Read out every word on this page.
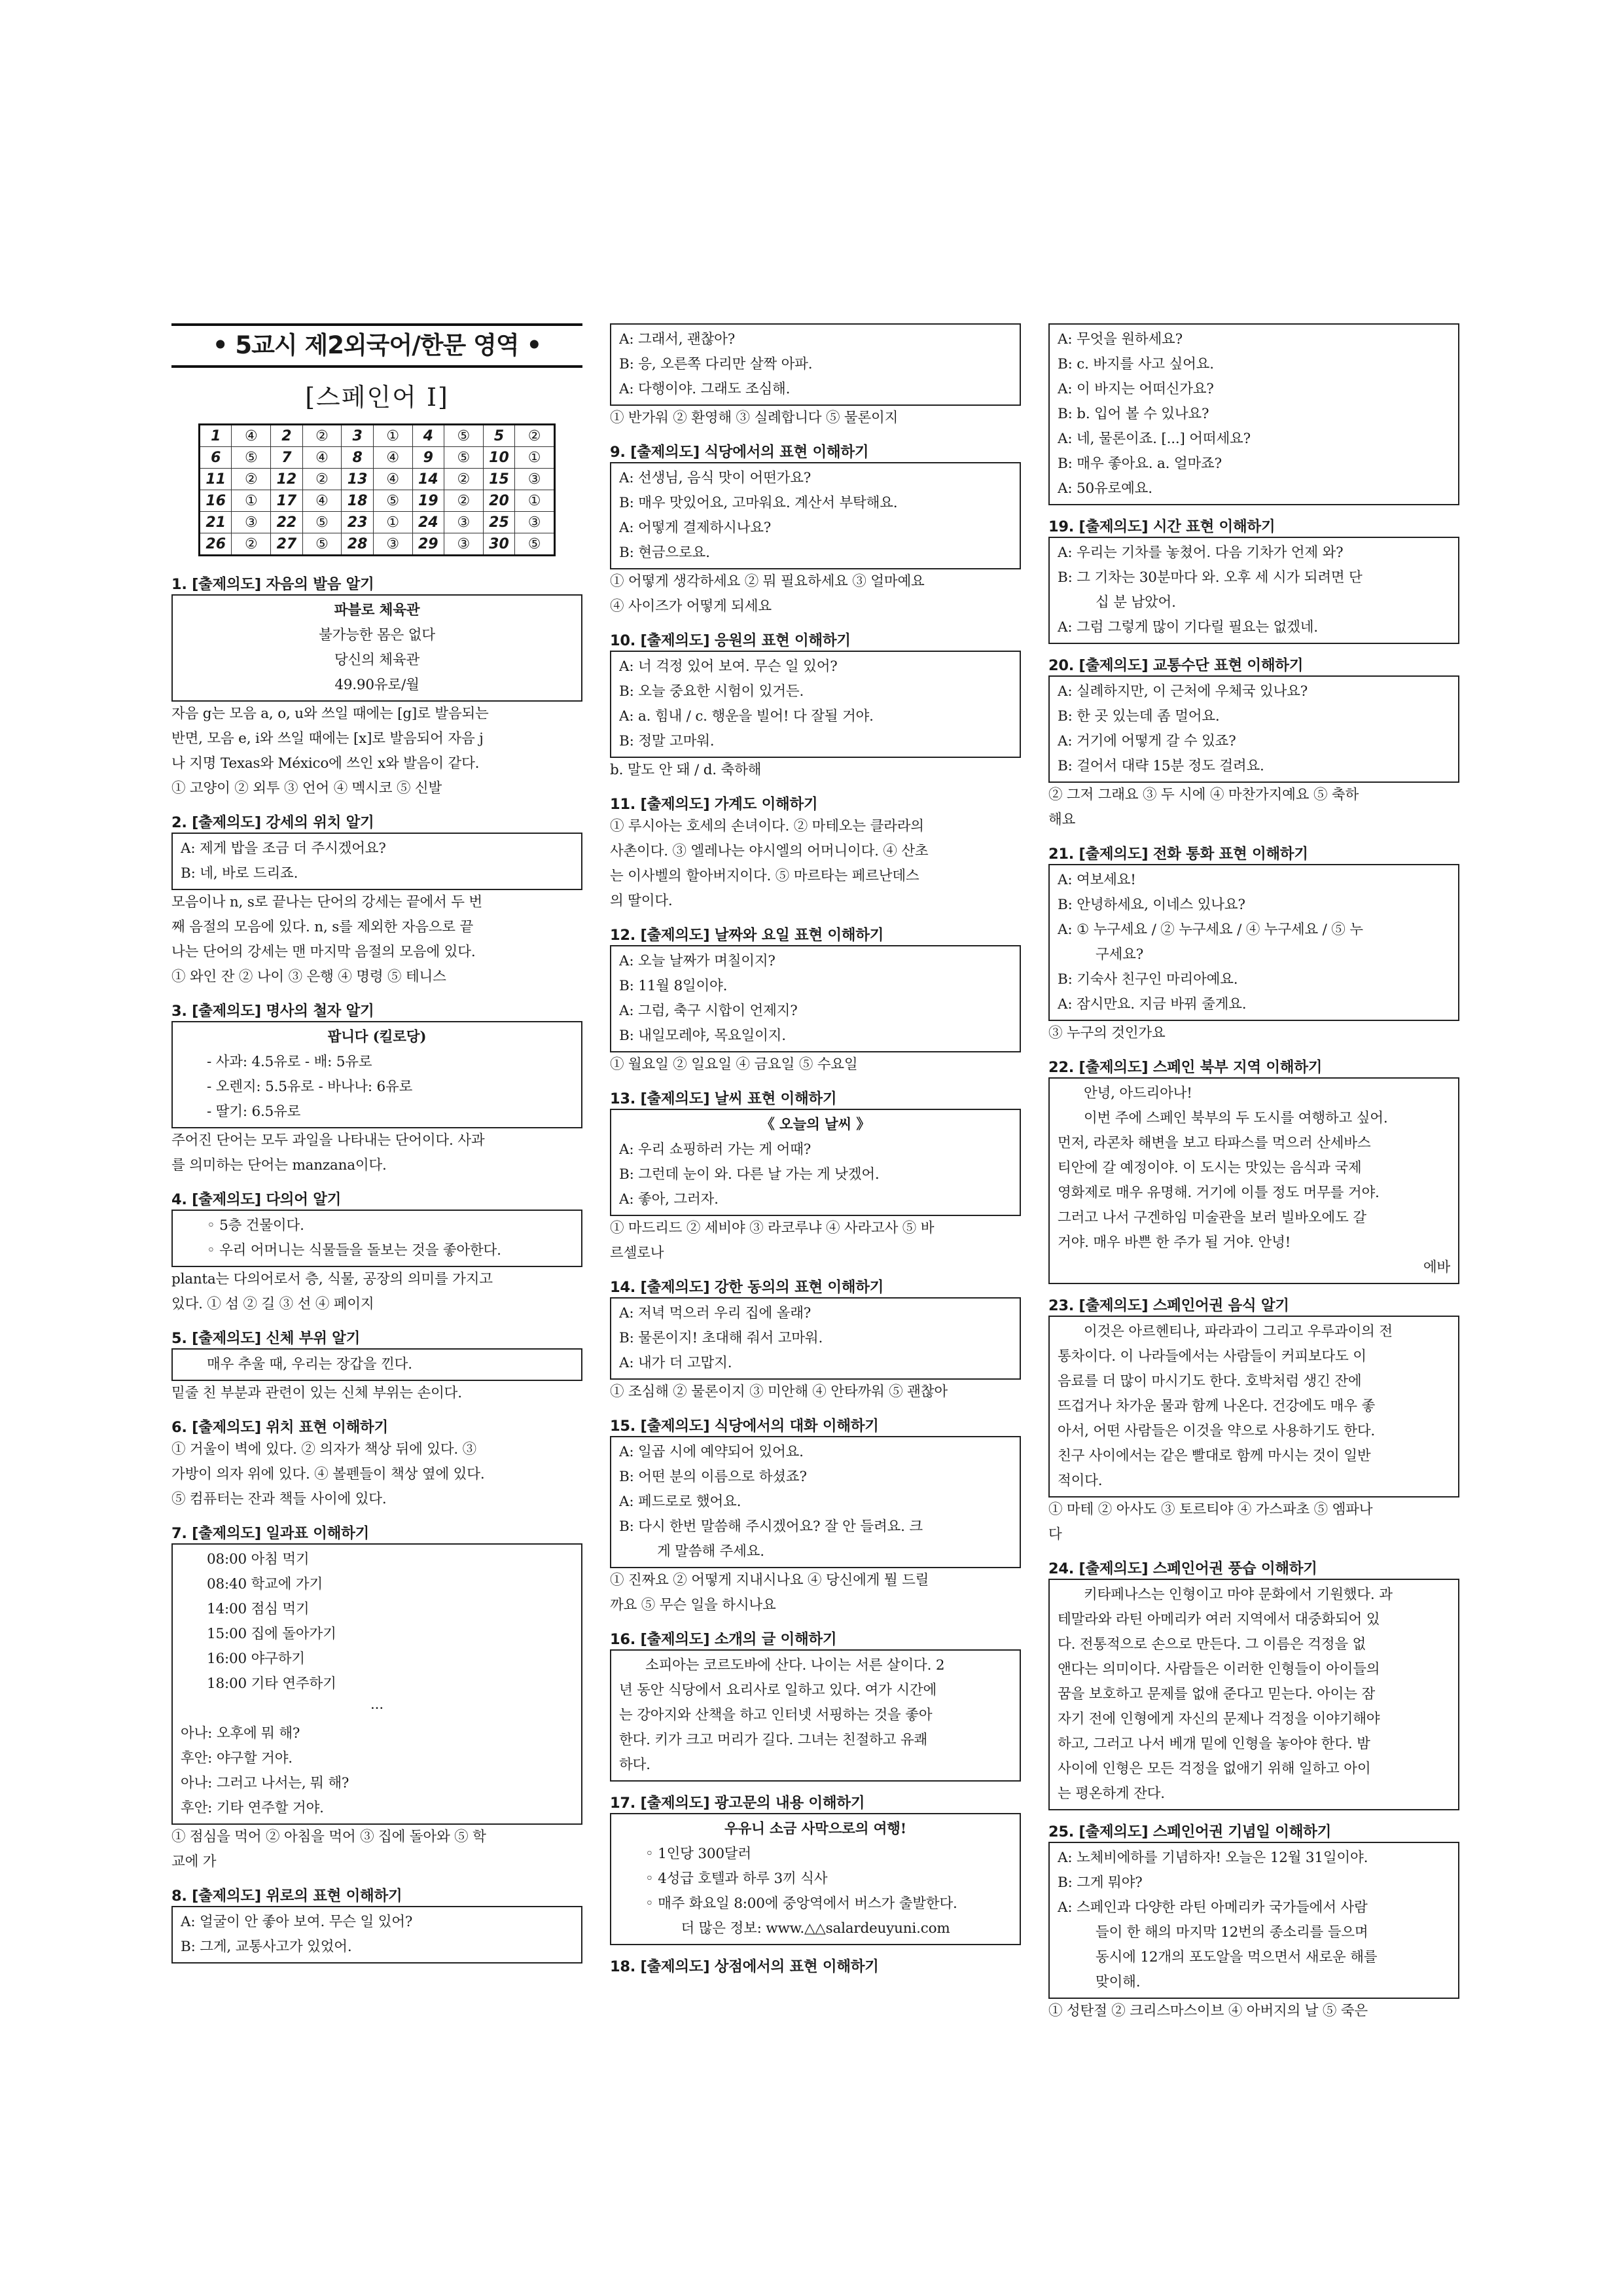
• 5교시 제2외국어/한문 영역 •
[스페인어 Ⅰ]
1	④	2	②	3	①	4	⑤	5	②
6	⑤	7	④	8	④	9	⑤	10	①
11	②	12	②	13	④	14	②	15	③
16	①	17	④	18	⑤	19	②	20	①
21	③	22	⑤	23	①	24	③	25	③
26	②	27	⑤	28	③	29	③	30	⑤
1. [출제의도] 자음의 발음 알기
파블로 체육관
불가능한 몸은 없다
당신의 체육관
49.90유로/월
자음 g는 모음 a, o, u와 쓰일 때에는 [g]로 발음되는
반면, 모음 e, i와 쓰일 때에는 [x]로 발음되어 자음 j
나 지명 Texas와 México에 쓰인 x와 발음이 같다.
① 고양이 ② 외투 ③ 언어 ④ 멕시코 ⑤ 신발
2. [출제의도] 강세의 위치 알기
A: 제게 밥을 조금 더 주시겠어요?
B: 네, 바로 드리죠.
모음이나 n, s로 끝나는 단어의 강세는 끝에서 두 번
째 음절의 모음에 있다. n, s를 제외한 자음으로 끝
나는 단어의 강세는 맨 마지막 음절의 모음에 있다.
① 와인 잔 ② 나이 ③ 은행 ④ 명령 ⑤ 테니스
3. [출제의도] 명사의 철자 알기
팝니다 (킬로당)
- 사과: 4.5유로 - 배: 5유로
- 오렌지: 5.5유로 - 바나나: 6유로
- 딸기: 6.5유로
주어진 단어는 모두 과일을 나타내는 단어이다. 사과
를 의미하는 단어는 manzana이다.
4. [출제의도] 다의어 알기
◦ 5층 건물이다.
◦ 우리 어머니는 식물들을 돌보는 것을 좋아한다.
planta는 다의어로서 층, 식물, 공장의 의미를 가지고
있다. ① 섬 ② 길 ③ 선 ④ 페이지
5. [출제의도] 신체 부위 알기
매우 추울 때, 우리는 장갑을 낀다.
밑줄 친 부분과 관련이 있는 신체 부위는 손이다.
6. [출제의도] 위치 표현 이해하기
① 거울이 벽에 있다. ② 의자가 책상 뒤에 있다. ③
가방이 의자 위에 있다. ④ 볼펜들이 책상 옆에 있다.
⑤ 컴퓨터는 잔과 책들 사이에 있다.
7. [출제의도] 일과표 이해하기
08:00 아침 먹기
08:40 학교에 가기
14:00 점심 먹기
15:00 집에 돌아가기
16:00 야구하기
18:00 기타 연주하기
···
아나: 오후에 뭐 해?
후안: 야구할 거야.
아나: 그러고 나서는, 뭐 해?
후안: 기타 연주할 거야.
① 점심을 먹어 ② 아침을 먹어 ③ 집에 돌아와 ⑤ 학
교에 가
8. [출제의도] 위로의 표현 이해하기
A: 얼굴이 안 좋아 보여. 무슨 일 있어?
B: 그게, 교통사고가 있었어.
A: 그래서, 괜찮아?
B: 응, 오른쪽 다리만 살짝 아파.
A: 다행이야. 그래도 조심해.
① 반가워 ② 환영해 ③ 실례합니다 ⑤ 물론이지
9. [출제의도] 식당에서의 표현 이해하기
A: 선생님, 음식 맛이 어떤가요?
B: 매우 맛있어요, 고마워요. 계산서 부탁해요.
A: 어떻게 결제하시나요?
B: 현금으로요.
① 어떻게 생각하세요 ② 뭐 필요하세요 ③ 얼마예요
④ 사이즈가 어떻게 되세요
10. [출제의도] 응원의 표현 이해하기
A: 너 걱정 있어 보여. 무슨 일 있어?
B: 오늘 중요한 시험이 있거든.
A: a. 힘내 / c. 행운을 빌어! 다 잘될 거야.
B: 정말 고마워.
b. 말도 안 돼 / d. 축하해
11. [출제의도] 가계도 이해하기
① 루시아는 호세의 손녀이다. ② 마테오는 클라라의
사촌이다. ③ 엘레나는 야시엘의 어머니이다. ④ 산초
는 이사벨의 할아버지이다. ⑤ 마르타는 페르난데스
의 딸이다.
12. [출제의도] 날짜와 요일 표현 이해하기
A: 오늘 날짜가 며칠이지?
B: 11월 8일이야.
A: 그럼, 축구 시합이 언제지?
B: 내일모레야, 목요일이지.
① 월요일 ② 일요일 ④ 금요일 ⑤ 수요일
13. [출제의도] 날씨 표현 이해하기
《 오늘의 날씨 》
A: 우리 쇼핑하러 가는 게 어때?
B: 그런데 눈이 와. 다른 날 가는 게 낫겠어.
A: 좋아, 그러자.
① 마드리드 ② 세비야 ③ 라코루냐 ④ 사라고사 ⑤ 바
르셀로나
14. [출제의도] 강한 동의의 표현 이해하기
A: 저녁 먹으러 우리 집에 올래?
B: 물론이지! 초대해 줘서 고마워.
A: 내가 더 고맙지.
① 조심해 ② 물론이지 ③ 미안해 ④ 안타까워 ⑤ 괜찮아
15. [출제의도] 식당에서의 대화 이해하기
A: 일곱 시에 예약되어 있어요.
B: 어떤 분의 이름으로 하셨죠?
A: 페드로로 했어요.
B: 다시 한번 말씀해 주시겠어요? 잘 안 들려요. 크
게 말씀해 주세요.
① 진짜요 ② 어떻게 지내시나요 ④ 당신에게 뭘 드릴
까요 ⑤ 무슨 일을 하시나요
16. [출제의도] 소개의 글 이해하기
소피아는 코르도바에 산다. 나이는 서른 살이다. 2
년 동안 식당에서 요리사로 일하고 있다. 여가 시간에
는 강아지와 산책을 하고 인터넷 서핑하는 것을 좋아
한다. 키가 크고 머리가 길다. 그녀는 친절하고 유쾌
하다.
17. [출제의도] 광고문의 내용 이해하기
우유니 소금 사막으로의 여행!
◦ 1인당 300달러
◦ 4성급 호텔과 하루 3끼 식사
◦ 매주 화요일 8:00에 중앙역에서 버스가 출발한다.
더 많은 정보: www.△△salardeuyuni.com
18. [출제의도] 상점에서의 표현 이해하기
A: 무엇을 원하세요?
B: c. 바지를 사고 싶어요.
A: 이 바지는 어떠신가요?
B: b. 입어 볼 수 있나요?
A: 네, 물론이죠. [...] 어떠세요?
B: 매우 좋아요. a. 얼마죠?
A: 50유로예요.
19. [출제의도] 시간 표현 이해하기
A: 우리는 기차를 놓쳤어. 다음 기차가 언제 와?
B: 그 기차는 30분마다 와. 오후 세 시가 되려면 단
십 분 남았어.
A: 그럼 그렇게 많이 기다릴 필요는 없겠네.
20. [출제의도] 교통수단 표현 이해하기
A: 실례하지만, 이 근처에 우체국 있나요?
B: 한 곳 있는데 좀 멀어요.
A: 거기에 어떻게 갈 수 있죠?
B: 걸어서 대략 15분 정도 걸려요.
② 그저 그래요 ③ 두 시에 ④ 마찬가지예요 ⑤ 축하
해요
21. [출제의도] 전화 통화 표현 이해하기
A: 여보세요!
B: 안녕하세요, 이네스 있나요?
A: ① 누구세요 / ② 누구세요 / ④ 누구세요 / ⑤ 누
구세요?
B: 기숙사 친구인 마리아예요.
A: 잠시만요. 지금 바꿔 줄게요.
③ 누구의 것인가요
22. [출제의도] 스페인 북부 지역 이해하기
안녕, 아드리아나!
이번 주에 스페인 북부의 두 도시를 여행하고 싶어.
먼저, 라콘차 해변을 보고 타파스를 먹으러 산세바스
티안에 갈 예정이야. 이 도시는 맛있는 음식과 국제
영화제로 매우 유명해. 거기에 이틀 정도 머무를 거야.
그러고 나서 구겐하임 미술관을 보러 빌바오에도 갈
거야. 매우 바쁜 한 주가 될 거야. 안녕!
에바
23. [출제의도] 스페인어권 음식 알기
이것은 아르헨티나, 파라과이 그리고 우루과이의 전
통차이다. 이 나라들에서는 사람들이 커피보다도 이
음료를 더 많이 마시기도 한다. 호박처럼 생긴 잔에
뜨겁거나 차가운 물과 함께 나온다. 건강에도 매우 좋
아서, 어떤 사람들은 이것을 약으로 사용하기도 한다.
친구 사이에서는 같은 빨대로 함께 마시는 것이 일반
적이다.
① 마테 ② 아사도 ③ 토르티야 ④ 가스파초 ⑤ 엠파나
다
24. [출제의도] 스페인어권 풍습 이해하기
키타페나스는 인형이고 마야 문화에서 기원했다. 과
테말라와 라틴 아메리카 여러 지역에서 대중화되어 있
다. 전통적으로 손으로 만든다. 그 이름은 걱정을 없
앤다는 의미이다. 사람들은 이러한 인형들이 아이들의
꿈을 보호하고 문제를 없애 준다고 믿는다. 아이는 잠
자기 전에 인형에게 자신의 문제나 걱정을 이야기해야
하고, 그러고 나서 베개 밑에 인형을 놓아야 한다. 밤
사이에 인형은 모든 걱정을 없애기 위해 일하고 아이
는 평온하게 잔다.
25. [출제의도] 스페인어권 기념일 이해하기
A: 노체비에하를 기념하자! 오늘은 12월 31일이야.
B: 그게 뭐야?
A: 스페인과 다양한 라틴 아메리카 국가들에서 사람
들이 한 해의 마지막 12번의 종소리를 들으며
동시에 12개의 포도알을 먹으면서 새로운 해를
맞이해.
① 성탄절 ② 크리스마스이브 ④ 아버지의 날 ⑤ 죽은
